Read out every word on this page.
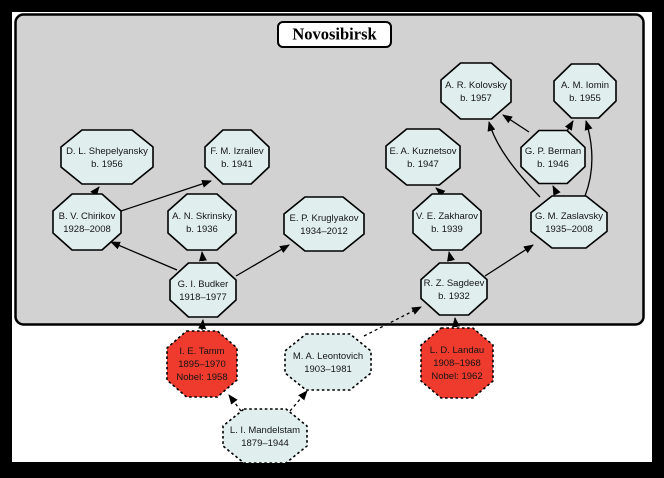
Novosibirsk
D. L. Shepelyansky
b. 1956
F. M. Izrailev
b. 1941
B. V. Chirikov
1928–2008
A. N. Skrinsky
b. 1936
E. P. Kruglyakov
1934–2012
G. I. Budker
1918–1977
E. A. Kuznetsov
b. 1947
V. E. Zakharov
b. 1939
R. Z. Sagdeev
b. 1932
G. M. Zaslavsky
1935–2008
G. P. Berman
b. 1946
A. R. Kolovsky
b. 1957
A. M. Iomin
b. 1955
I. E. Tamm
1895–1970
Nobel: 1958
M. A. Leontovich
1903–1981
L. D. Landau
1908–1968
Nobel: 1962
L. I. Mandelstam
1879–1944
